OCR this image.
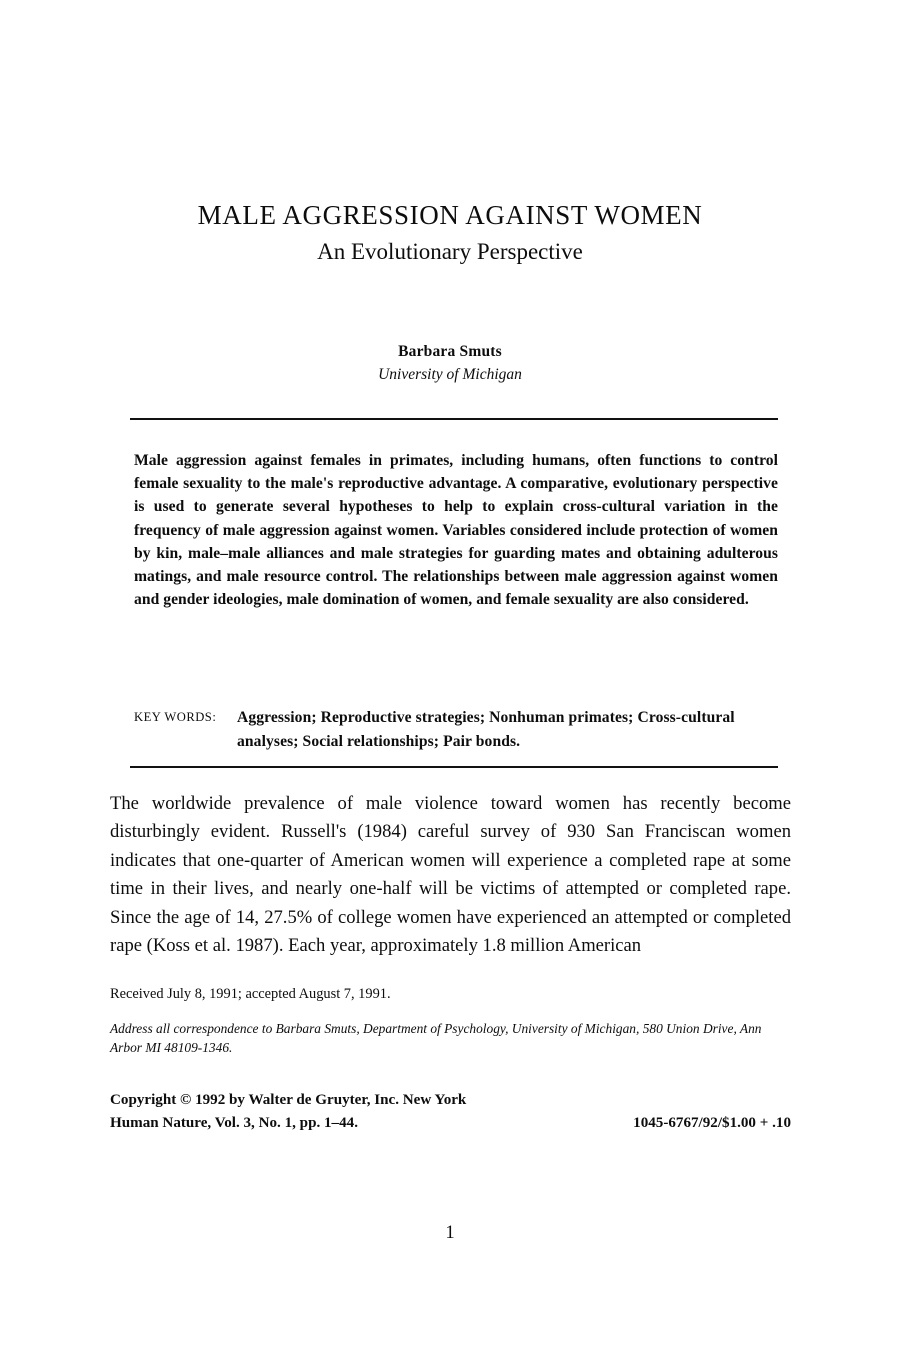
MALE AGGRESSION AGAINST WOMEN
An Evolutionary Perspective
Barbara Smuts
University of Michigan
Male aggression against females in primates, including humans, often functions to control female sexuality to the male's reproductive advantage. A comparative, evolutionary perspective is used to generate several hypotheses to help to explain cross-cultural variation in the frequency of male aggression against women. Variables considered include protection of women by kin, male–male alliances and male strategies for guarding mates and obtaining adulterous matings, and male resource control. The relationships between male aggression against women and gender ideologies, male domination of women, and female sexuality are also considered.
KEY WORDS: Aggression; Reproductive strategies; Nonhuman primates; Cross-cultural analyses; Social relationships; Pair bonds.
The worldwide prevalence of male violence toward women has recently become disturbingly evident. Russell's (1984) careful survey of 930 San Franciscan women indicates that one-quarter of American women will experience a completed rape at some time in their lives, and nearly one-half will be victims of attempted or completed rape. Since the age of 14, 27.5% of college women have experienced an attempted or completed rape (Koss et al. 1987). Each year, approximately 1.8 million American
Received July 8, 1991; accepted August 7, 1991.
Address all correspondence to Barbara Smuts, Department of Psychology, University of Michigan, 580 Union Drive, Ann Arbor MI 48109-1346.
Copyright © 1992 by Walter de Gruyter, Inc. New York
Human Nature, Vol. 3, No. 1, pp. 1–44.	1045-6767/92/$1.00 + .10
1
